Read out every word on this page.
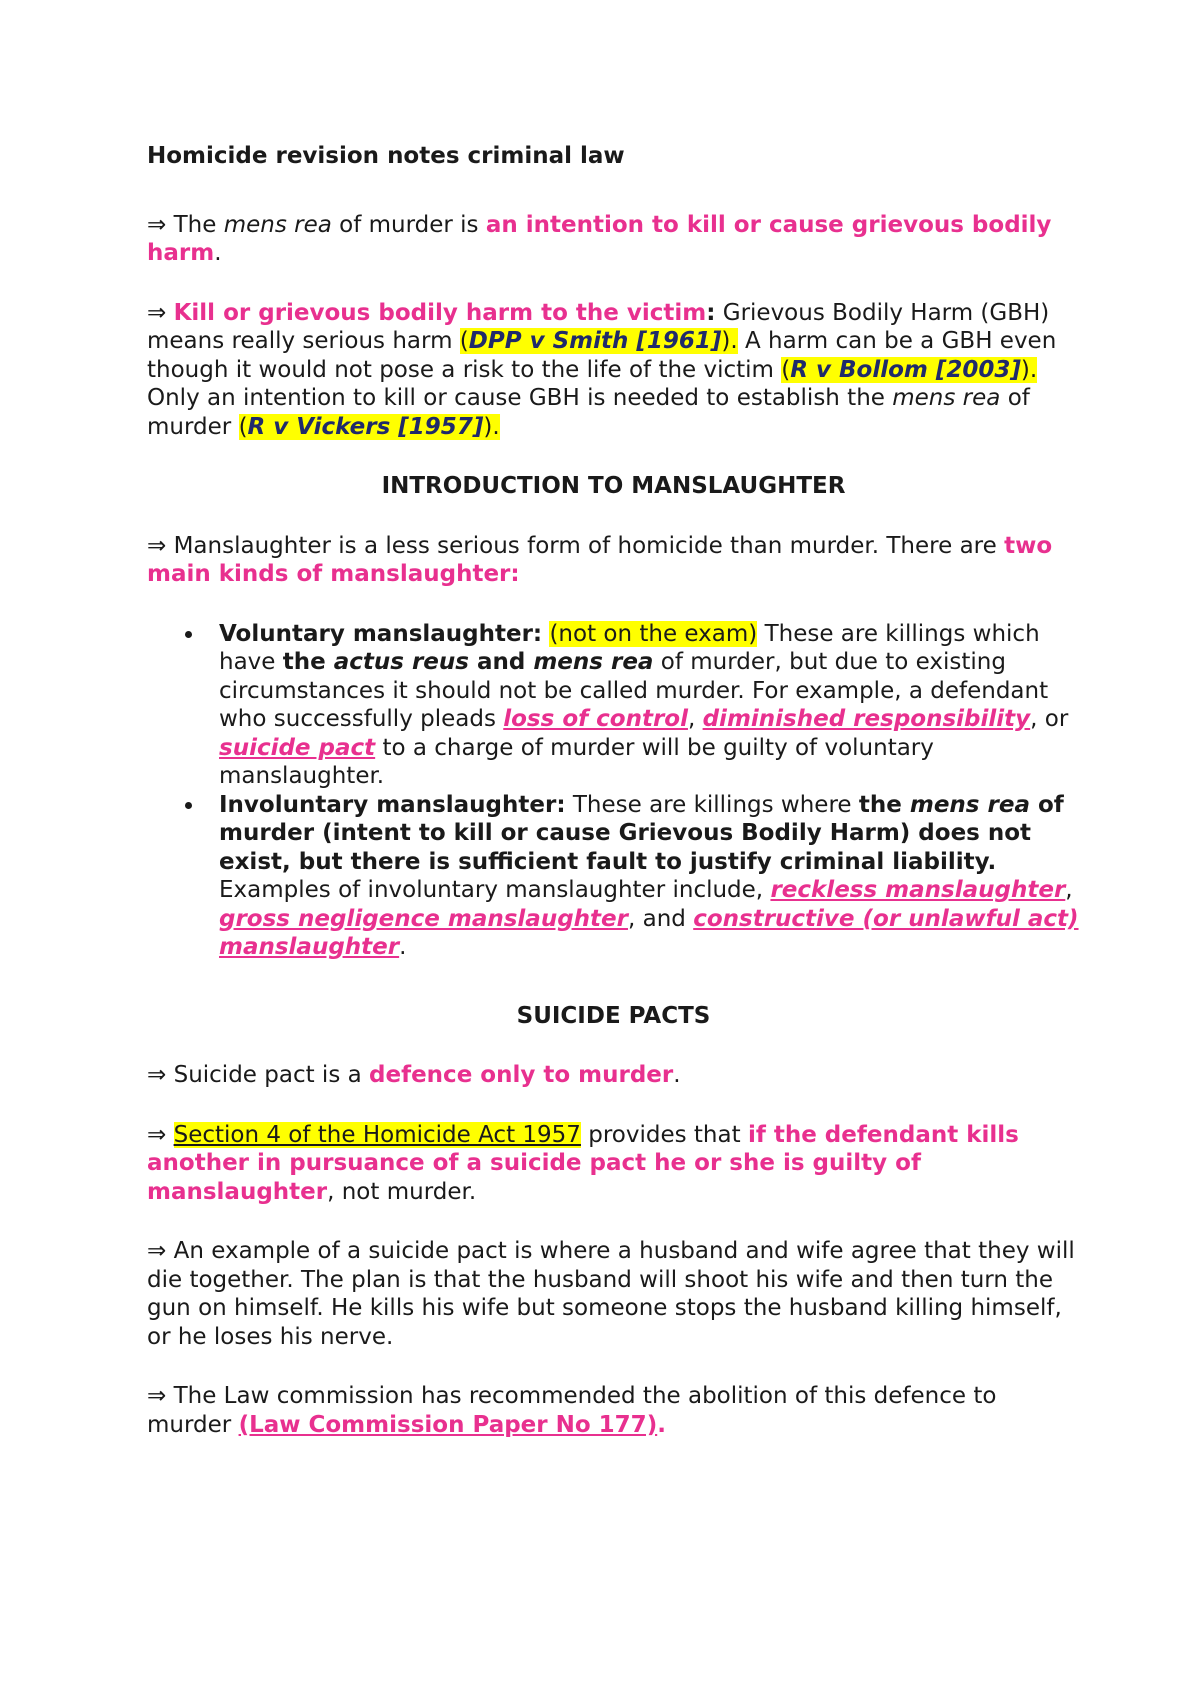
Homicide revision notes criminal law

⇒ The mens rea of murder is an intention to kill or cause grievous bodily harm.

⇒ Kill or grievous bodily harm to the victim: Grievous Bodily Harm (GBH) means really serious harm (DPP v Smith [1961]). A harm can be a GBH even though it would not pose a risk to the life of the victim (R v Bollom [2003]). Only an intention to kill or cause GBH is needed to establish the mens rea of murder (R v Vickers [1957]).

INTRODUCTION TO MANSLAUGHTER

⇒ Manslaughter is a less serious form of homicide than murder. There are two main kinds of manslaughter:

Voluntary manslaughter: (not on the exam) These are killings which have the actus reus and mens rea of murder, but due to existing circumstances it should not be called murder. For example, a defendant who successfully pleads loss of control, diminished responsibility, or suicide pact to a charge of murder will be guilty of voluntary manslaughter.
Involuntary manslaughter: These are killings where the mens rea of murder (intent to kill or cause Grievous Bodily Harm) does not exist, but there is sufficient fault to justify criminal liability. Examples of involuntary manslaughter include, reckless manslaughter, gross negligence manslaughter, and constructive (or unlawful act) manslaughter.

SUICIDE PACTS

⇒ Suicide pact is a defence only to murder.

⇒ Section 4 of the Homicide Act 1957 provides that if the defendant kills another in pursuance of a suicide pact he or she is guilty of manslaughter, not murder.

⇒ An example of a suicide pact is where a husband and wife agree that they will die together. The plan is that the husband will shoot his wife and then turn the gun on himself. He kills his wife but someone stops the husband killing himself, or he loses his nerve.

⇒ The Law commission has recommended the abolition of this defence to murder (Law Commission Paper No 177).
